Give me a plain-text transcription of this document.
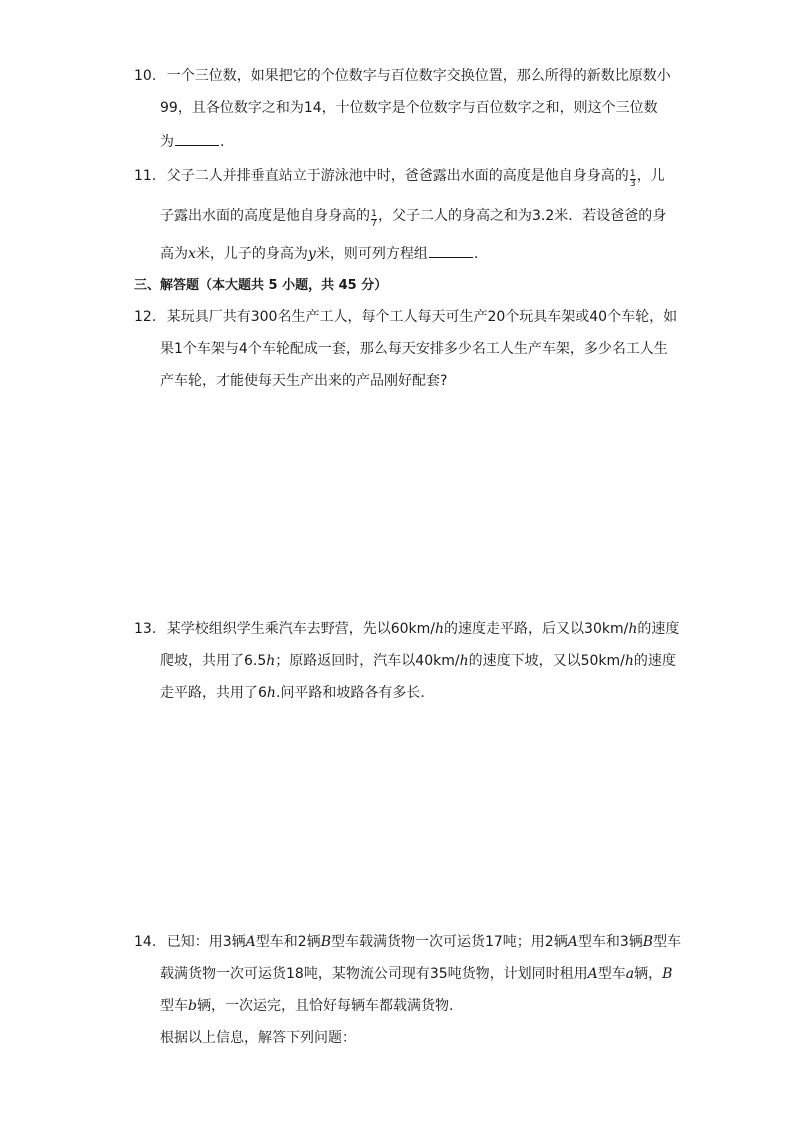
10. 一个三位数，如果把它的个位数字与百位数字交换位置，那么所得的新数比原数小
99，且各位数字之和为14，十位数字是个位数字与百位数字之和，则这个三位数
为	.
11. 父子二人并排垂直站立于游泳池中时，爸爸露出水面的高度是他自身身高的 $\frac{1}{3}$ ，儿
子露出水面的高度是他自身身高的 $\frac{1}{7}$ ，父子二人的身高之和为3.2米．若设爸爸的身
高为x米，儿子的身高为y米，则可列方程组	.
三、解答题（本大题共 5 小题，共 45 分）
12. 某玩具厂共有300名生产工人，每个工人每天可生产20个玩具车架或40个车轮，如
果1个车架与4个车轮配成一套，那么每天安排多少名工人生产车架，多少名工人生
产车轮，才能使每天生产出来的产品刚好配套?
13. 某学校组织学生乘汽车去野营，先以60km/h的速度走平路，后又以30km/h的速度
爬坡，共用了6.5h；原路返回时，汽车以40km/h的速度下坡，又以50km/h的速度
走平路，共用了6h.问平路和坡路各有多长.
14. 已知：用3辆A型车和2辆B型车载满货物一次可运货17吨；用2辆A型车和3辆B型车
载满货物一次可运货18吨，某物流公司现有35吨货物，计划同时租用A型车a辆，B
型车b辆，一次运完，且恰好每辆车都载满货物.
根据以上信息，解答下列问题：
